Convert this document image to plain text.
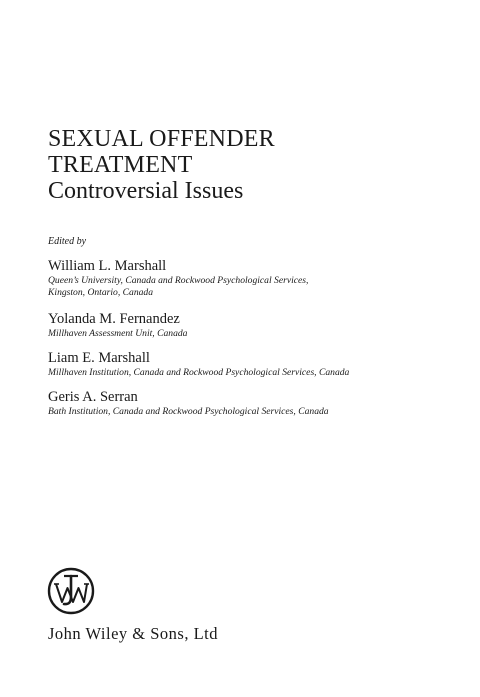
SEXUAL OFFENDER
TREATMENT
Controversial Issues
Edited by
William L. Marshall
Queen’s University, Canada and Rockwood Psychological Services,
Kingston, Ontario, Canada
Yolanda M. Fernandez
Millhaven Assessment Unit, Canada
Liam E. Marshall
Millhaven Institution, Canada and Rockwood Psychological Services, Canada
Geris A. Serran
Bath Institution, Canada and Rockwood Psychological Services, Canada
John Wiley & Sons, Ltd
